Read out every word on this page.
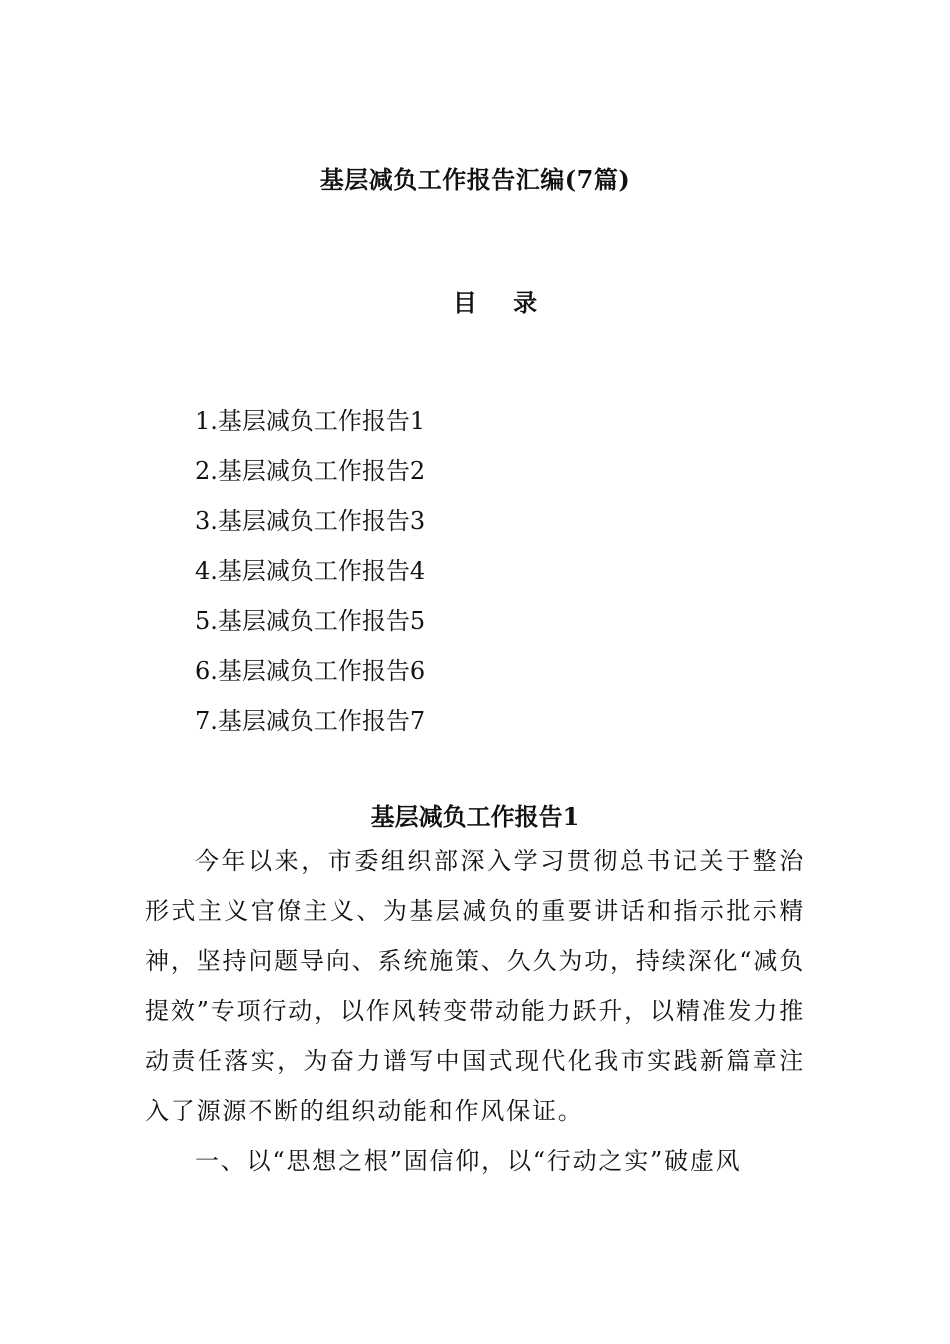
基层减负工作报告汇编(7篇)
目 录
1.基层减负工作报告1
2.基层减负工作报告2
3.基层减负工作报告3
4.基层减负工作报告4
5.基层减负工作报告5
6.基层减负工作报告6
7.基层减负工作报告7
基层减负工作报告1

今年以来，市委组织部深入学习贯彻总书记关于整治形式主义官僚主义、为基层减负的重要讲话和指示批示精神，坚持问题导向、系统施策、久久为功，持续深化“减负提效”专项行动，以作风转变带动能力跃升，以精准发力推动责任落实，为奋力谱写中国式现代化我市实践新篇章注入了源源不断的组织动能和作风保证。

一、以“思想之根”固信仰，以“行动之实”破虚风
